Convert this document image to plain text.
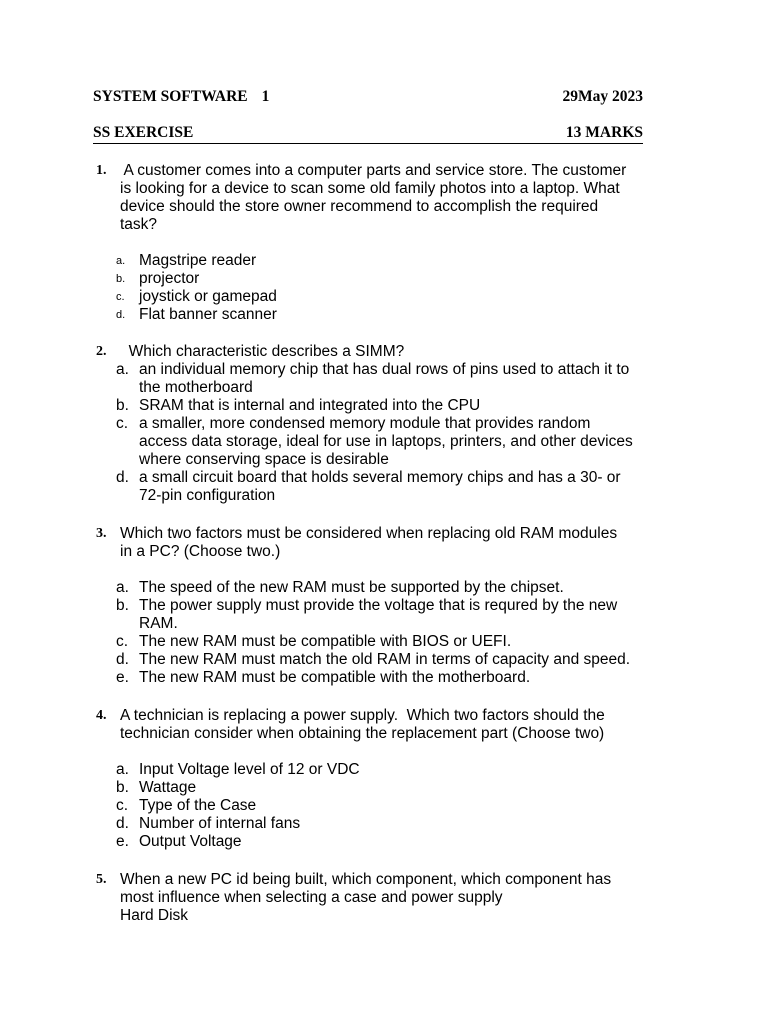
SYSTEM SOFTWARE 1	29May 2023
SS EXERCISE	13 MARKS
1. A customer comes into a computer parts and service store. The customer
is looking for a device to scan some old family photos into a laptop. What
device should the store owner recommend to accomplish the required
task?
a. Magstripe reader
b. projector
c. joystick or gamepad
d. Flat banner scanner
2. Which characteristic describes a SIMM?
a. an individual memory chip that has dual rows of pins used to attach it to
the motherboard
b. SRAM that is internal and integrated into the CPU
c. a smaller, more condensed memory module that provides random
access data storage, ideal for use in laptops, printers, and other devices
where conserving space is desirable
d. a small circuit board that holds several memory chips and has a 30- or
72-pin configuration
3. Which two factors must be considered when replacing old RAM modules
in a PC? (Choose two.)
a. The speed of the new RAM must be supported by the chipset.
b. The power supply must provide the voltage that is requred by the new
RAM.
c. The new RAM must be compatible with BIOS or UEFI.
d. The new RAM must match the old RAM in terms of capacity and speed.
e. The new RAM must be compatible with the motherboard.
4. A technician is replacing a power supply.  Which two factors should the
technician consider when obtaining the replacement part (Choose two)
a. Input Voltage level of 12 or VDC
b. Wattage
c. Type of the Case
d. Number of internal fans
e. Output Voltage
5. When a new PC id being built, which component, which component has
most influence when selecting a case and power supply
Hard Disk
